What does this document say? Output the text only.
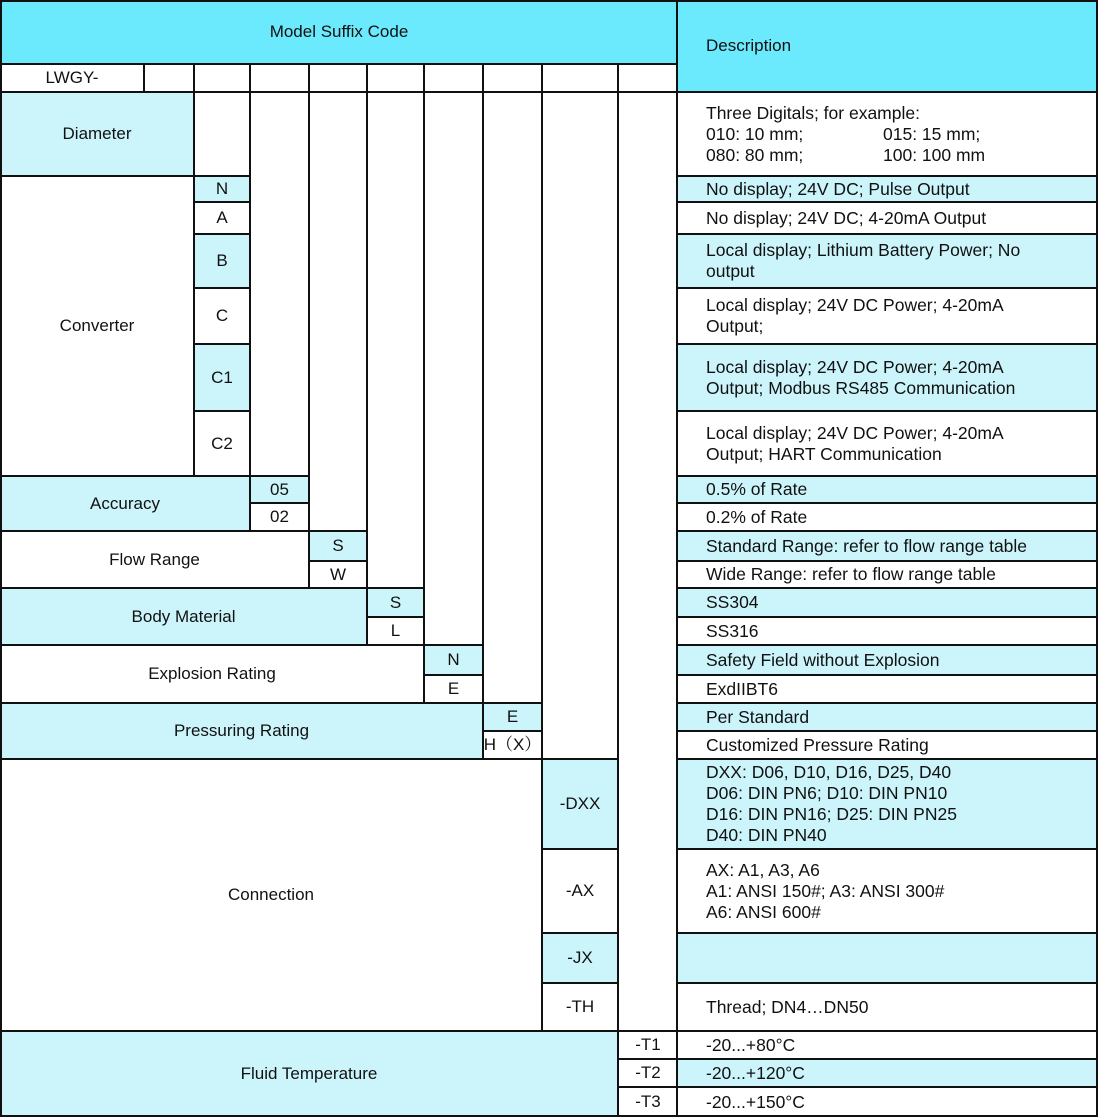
Model Suffix Code
Description
LWGY-
Diameter
Converter
N
A
B
C
C1
C2
Accuracy
05
02
Flow Range
S
W
Body Material
S
L
Explosion Rating
N
E
Pressuring Rating
E
H（X）
Connection
-DXX
-AX
-JX
-TH
Fluid Temperature
-T1
-T2
-T3
Three Digitals; for example:
010: 10 mm;	015: 15 mm;
080: 80 mm;	100: 100 mm
No display; 24V DC; Pulse Output
No display; 24V DC; 4-20mA Output
Local display; Lithium Battery Power; No
output
Local display; 24V DC Power; 4-20mA
Output;
Local display; 24V DC Power; 4-20mA
Output; Modbus RS485 Communication
Local display; 24V DC Power; 4-20mA
Output; HART Communication
0.5% of Rate
0.2% of Rate
Standard Range: refer to flow range table
Wide Range: refer to flow range table
SS304
SS316
Safety Field without Explosion
ExdIIBT6
Per Standard
Customized Pressure Rating
DXX: D06, D10, D16, D25, D40
D06: DIN PN6; D10: DIN PN10
D16: DIN PN16; D25: DIN PN25
D40: DIN PN40
AX: A1, A3, A6
A1: ANSI 150#; A3: ANSI 300#
A6: ANSI 600#
Thread; DN4…DN50
-20...+80°C
-20...+120°C
-20...+150°C
